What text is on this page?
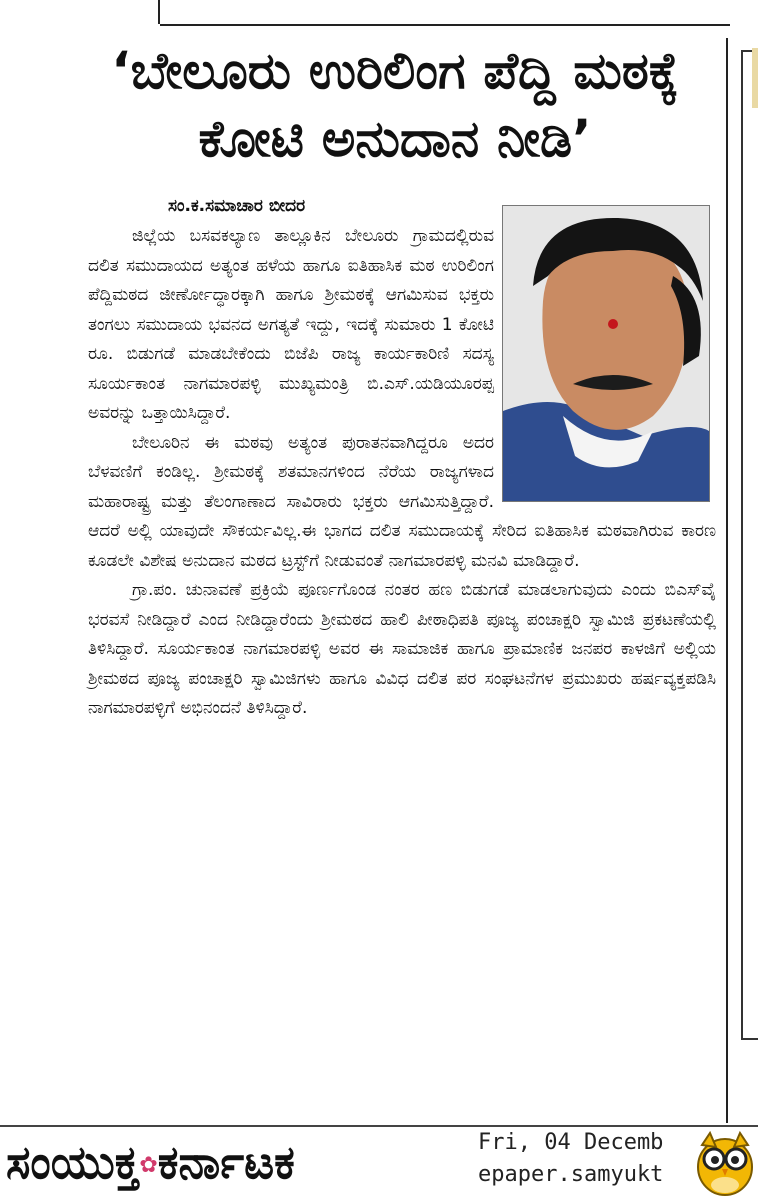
‘ಬೇಲೂರು ಉರಿಲಿಂಗ ಪೆದ್ದಿ ಮಠಕ್ಕೆ ಕೋಟಿ ಅನುದಾನ ನೀಡಿ’

ಸಂ.ಕ.ಸಮಾಚಾರ ಬೀದರ

ಜಿಲ್ಲೆಯ ಬಸವಕಲ್ಯಾಣ ತಾಲ್ಲೂಕಿನ ಬೇಲೂರು ಗ್ರಾಮದಲ್ಲಿರುವ ದಲಿತ ಸಮುದಾಯದ ಅತ್ಯಂತ ಹಳೆಯ ಹಾಗೂ ಐತಿಹಾಸಿಕ ಮಠ ಉರಿಲಿಂಗ ಪೆದ್ದಿಮಠದ ಜೀರ್ಣೋದ್ಧಾರಕ್ಕಾಗಿ ಹಾಗೂ ಶ್ರೀಮಠಕ್ಕೆ ಆಗಮಿಸುವ ಭಕ್ತರು ತಂಗಲು ಸಮುದಾಯ ಭವನದ ಅಗತ್ಯತೆ ಇದ್ದು, ಇದಕ್ಕೆ ಸುಮಾರು 1 ಕೋಟಿ ರೂ. ಬಿಡುಗಡೆ ಮಾಡಬೇಕೆಂದು ಬಿಜೆಪಿ ರಾಜ್ಯ ಕಾರ್ಯಕಾರಿಣಿ ಸದಸ್ಯ ಸೂರ್ಯಕಾಂತ ನಾಗಮಾರಪಳ್ಳಿ ಮುಖ್ಯಮಂತ್ರಿ ಬಿ.ಎಸ್.ಯಡಿಯೂರಪ್ಪ ಅವರನ್ನು ಒತ್ತಾಯಿಸಿದ್ದಾರೆ.

ಬೇಲೂರಿನ ಈ ಮಠವು ಅತ್ಯಂತ ಪುರಾತನವಾಗಿದ್ದರೂ ಅದರ ಬೆಳವಣಿಗೆ ಕಂಡಿಲ್ಲ. ಶ್ರೀಮಠಕ್ಕೆ ಶತಮಾನಗಳಿಂದ ನೆರೆಯ ರಾಜ್ಯಗಳಾದ ಮಹಾರಾಷ್ಟ್ರ ಮತ್ತು ತೆಲಂಗಾಣಾದ ಸಾವಿರಾರು ಭಕ್ತರು ಆಗಮಿಸುತ್ತಿದ್ದಾರೆ. ಆದರೆ ಅಲ್ಲಿ ಯಾವುದೇ ಸೌಕರ್ಯವಿಲ್ಲ.ಈ ಭಾಗದ ದಲಿತ ಸಮುದಾಯಕ್ಕೆ ಸೇರಿದ ಐತಿಹಾಸಿಕ ಮಠವಾಗಿರುವ ಕಾರಣ ಕೂಡಲೇ ವಿಶೇಷ ಅನುದಾನ ಮಠದ ಟ್ರಸ್ಟ್‌ಗೆ ನೀಡುವಂತೆ ನಾಗಮಾರಪಳ್ಳಿ ಮನವಿ ಮಾಡಿದ್ದಾರೆ.

ಗ್ರಾ.ಪಂ. ಚುನಾವಣೆ ಪ್ರಕ್ರಿಯೆ ಪೂರ್ಣಗೊಂಡ ನಂತರ ಹಣ ಬಿಡುಗಡೆ ಮಾಡಲಾಗುವುದು ಎಂದು ಬಿಎಸ್‌ವೈ ಭರವಸೆ ನೀಡಿದ್ದಾರೆ ಎಂದ ನೀಡಿದ್ದಾರೆಂದು ಶ್ರೀಮಠದ ಹಾಲಿ ಪೀಠಾಧಿಪತಿ ಪೂಜ್ಯ ಪಂಚಾಕ್ಷರಿ ಸ್ವಾಮಿಜಿ ಪ್ರಕಟಣೆಯಲ್ಲಿ ತಿಳಿಸಿದ್ದಾರೆ. ಸೂರ್ಯಕಾಂತ ನಾಗಮಾರಪಳ್ಳಿ ಅವರ ಈ ಸಾಮಾಜಿಕ ಹಾಗೂ ಪ್ರಾಮಾಣಿಕ ಜನಪರ ಕಾಳಜಿಗೆ ಅಲ್ಲಿಯ ಶ್ರೀಮಠದ ಪೂಜ್ಯ ಪಂಚಾಕ್ಷರಿ ಸ್ವಾಮಿಜಿಗಳು ಹಾಗೂ ವಿವಿಧ ದಲಿತ ಪರ ಸಂಘಟನೆಗಳ ಪ್ರಮುಖರು ಹರ್ಷವ್ಯಕ್ತಪಡಿಸಿ ನಾಗಮಾರಪಳ್ಳಿಗೆ ಅಭಿನಂದನೆ ತಿಳಿಸಿದ್ದಾರೆ.

ಸಂಯುಕ್ತ✿ಕರ್ನಾಟಕ	Fri, 04 Decemb
epaper.samyukt
